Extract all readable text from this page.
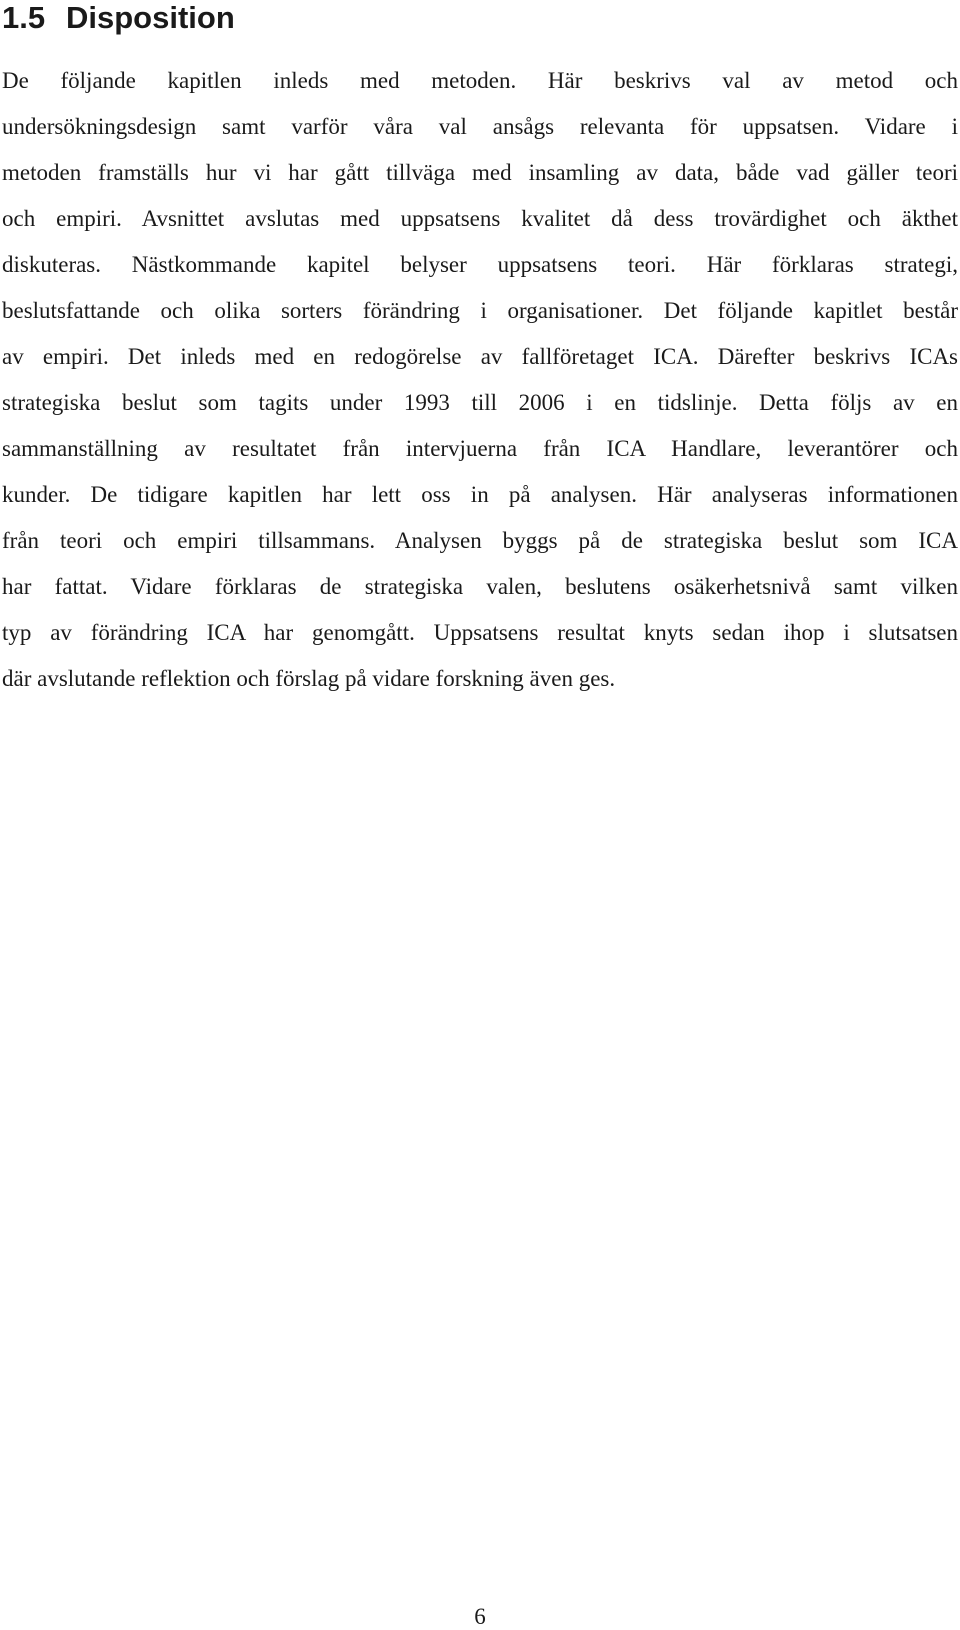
1.5 Disposition
De följande kapitlen inleds med metoden. Här beskrivs val av metod och
undersökningsdesign samt varför våra val ansågs relevanta för uppsatsen. Vidare i
metoden framställs hur vi har gått tillväga med insamling av data, både vad gäller teori
och empiri. Avsnittet avslutas med uppsatsens kvalitet då dess trovärdighet och äkthet
diskuteras. Nästkommande kapitel belyser uppsatsens teori. Här förklaras strategi,
beslutsfattande och olika sorters förändring i organisationer. Det följande kapitlet består
av empiri. Det inleds med en redogörelse av fallföretaget ICA. Därefter beskrivs ICAs
strategiska beslut som tagits under 1993 till 2006 i en tidslinje. Detta följs av en
sammanställning av resultatet från intervjuerna från ICA Handlare, leverantörer och
kunder. De tidigare kapitlen har lett oss in på analysen. Här analyseras informationen
från teori och empiri tillsammans. Analysen byggs på de strategiska beslut som ICA
har fattat. Vidare förklaras de strategiska valen, beslutens osäkerhetsnivå samt vilken
typ av förändring ICA har genomgått. Uppsatsens resultat knyts sedan ihop i slutsatsen
där avslutande reflektion och förslag på vidare forskning även ges.
6
